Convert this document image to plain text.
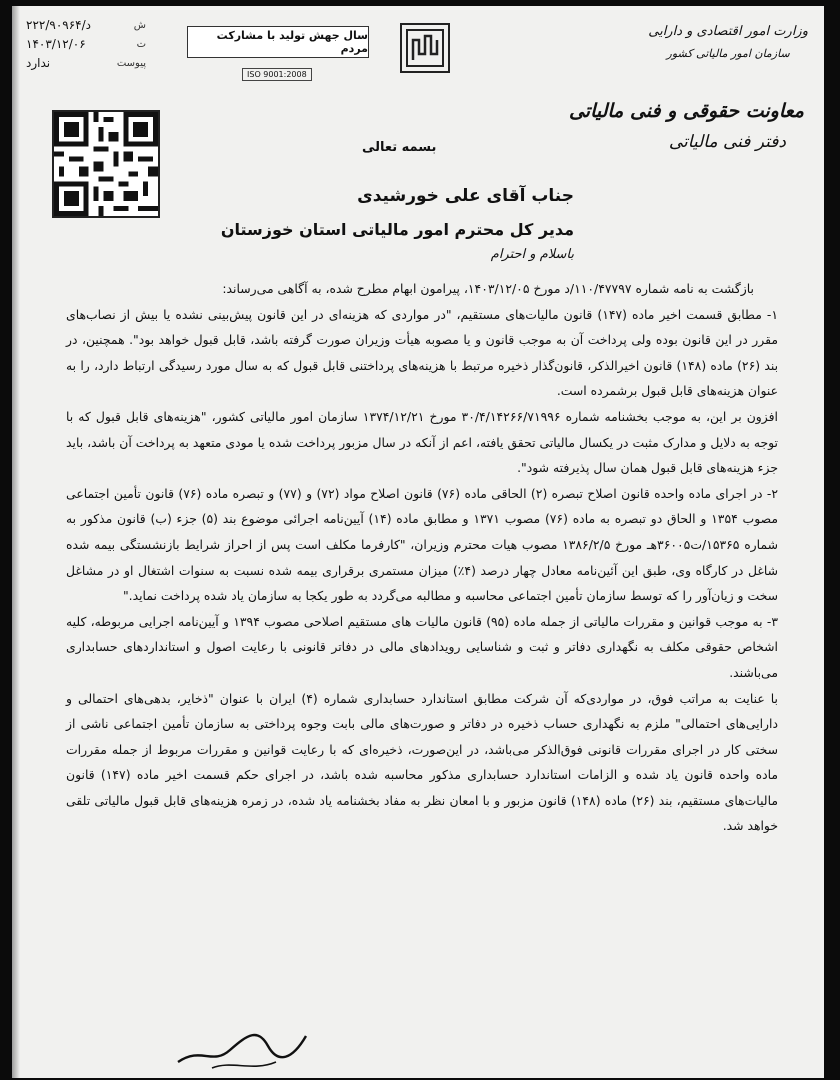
۲۲۲/۹۰۹۶۴/د	ش
۱۴۰۳/۱۲/۰۶	ت
ندارد	پیوست
سال جهش تولید با مشارکت مردم
ISO 9001:2008
وزارت امور اقتصادی و دارایی
سازمان امور مالیاتی کشور
معاونت حقوقی و فنی مالیاتی
دفتر فنی مالیاتی
بسمه تعالی
جناب آقای علی خورشیدی
مدیر کل محترم امور مالیاتی استان خوزستان
باسلام و احترام

بازگشت به نامه شماره ۱۱۰/۴۷۷۹۷/د مورخ ۱۴۰۳/۱۲/۰۵، پیرامون ابهام مطرح شده، به آگاهی می‌رساند:

۱- مطابق قسمت اخیر ماده (۱۴۷) قانون مالیات‌های مستقیم، "در مواردی که هزینه‌ای در این قانون پیش‌بینی نشده یا بیش از نصاب‌های مقرر در این قانون بوده ولی پرداخت آن به موجب قانون و یا مصوبه هیأت وزیران صورت گرفته باشد، قابل قبول خواهد بود". همچنین، در بند (۲۶) ماده (۱۴۸) قانون اخیرالذکر، قانون‌گذار ذخیره مرتبط با هزینه‌های پرداختنی قابل قبول که به سال مورد رسیدگی ارتباط دارد، را به عنوان هزینه‌های قابل قبول برشمرده است.

افزون بر این، به موجب بخشنامه شماره ۳۰/۴/۱۴۲۶۶/۷۱۹۹۶ مورخ ۱۳۷۴/۱۲/۲۱ سازمان امور مالیاتی کشور، "هزینه‌های قابل قبول که با توجه به دلایل و مدارک مثبت در یکسال مالیاتی تحقق یافته، اعم از آنکه در سال مزبور پرداخت شده یا مودی متعهد به پرداخت آن باشد، باید جزء هزینه‌های قابل قبول همان سال پذیرفته شود".

۲- در اجرای ماده واحده قانون اصلاح تبصره (۲) الحاقی ماده (۷۶) قانون اصلاح مواد (۷۲) و (۷۷) و تبصره ماده (۷۶) قانون تأمین اجتماعی مصوب ۱۳۵۴ و الحاق دو تبصره به ماده (۷۶) مصوب ۱۳۷۱ و مطابق ماده (۱۴) آیین‌نامه اجرائی موضوع بند (۵) جزء (ب) قانون مذکور به شماره ۱۵۳۶۵/ت۳۶۰۰۵هـ مورخ ۱۳۸۶/۲/۵ مصوب هیات محترم وزیران، "کارفرما مکلف است پس از احراز شرایط بازنشستگی بیمه شده شاغل در کارگاه وی، طبق این آئین‌نامه معادل چهار درصد (۴٪) میزان مستمری برقراری بیمه شده نسبت به سنوات اشتغال او در مشاغل سخت و زیان‌آور را که توسط سازمان تأمین اجتماعی محاسبه و مطالبه می‌گردد به طور یکجا به سازمان یاد شده پرداخت نماید."

۳- به موجب قوانین و مقررات مالیاتی از جمله ماده (۹۵) قانون مالیات های مستقیم اصلاحی مصوب ۱۳۹۴ و آیین‌نامه اجرایی مربوطه، کلیه اشخاص حقوقی مکلف به نگهداری دفاتر و ثبت و شناسایی رویدادهای مالی در دفاتر قانونی با رعایت اصول و استانداردهای حسابداری می‌باشند.

با عنایت به مراتب فوق، در مواردی‌که آن شرکت مطابق استاندارد حسابداری شماره (۴) ایران با عنوان "ذخایر، بدهی‌های احتمالی و دارایی‌های احتمالی" ملزم به نگهداری حساب ذخیره در دفاتر و صورت‌های مالی بابت وجوه پرداختی به سازمان تأمین اجتماعی ناشی از سختی کار در اجرای مقررات قانونی فوق‌الذکر می‌باشد، در این‌صورت، ذخیره‌ای که با رعایت قوانین و مقررات مربوط از جمله مقررات ماده واحده قانون یاد شده و الزامات استاندارد حسابداری مذکور محاسبه شده باشد، در اجرای حکم قسمت اخیر ماده (۱۴۷) قانون مالیات‌های مستقیم، بند (۲۶) ماده (۱۴۸) قانون مزبور و با امعان نظر به مفاد بخشنامه یاد شده، در زمره هزینه‌های قابل قبول مالیاتی تلقی خواهد شد.
